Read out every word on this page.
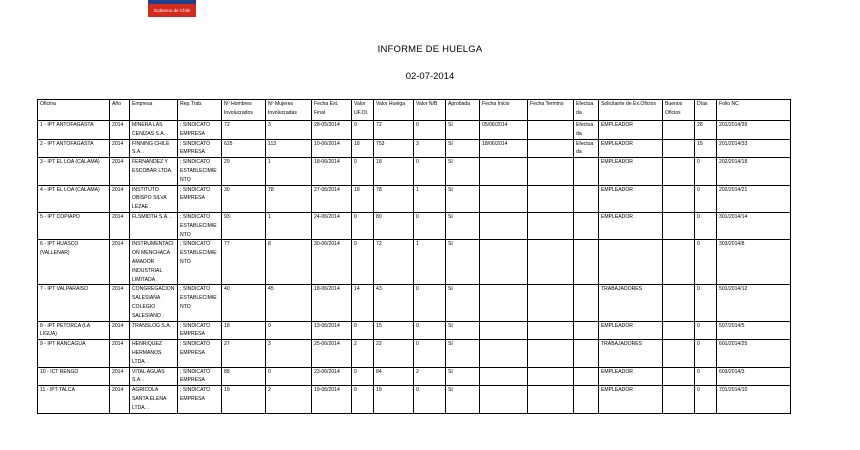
Gobierno de Chile
INFORME DE HUELGA
02-07-2014
Oficina	Año	Empresa	Rep.Trab.	Nº Hombres Involucrados	Nº Mujeres Involucradas	Fecha Ext. Final	Valor UF.Ol.	Valor Huelga	Valor N/B	Aprobada	Fecha Inicio	Fecha Termino	Efectuada	Solicitante de Ex.Oficios	Buenos Oficios	Días	Folio NC
1 - IPT ANTOFAGASTA	2014	MINERA LAS CENIZAS S.A. .	; SINDICATO EMPRESA	72	3	28-05/2014	0	72	0	SI	05/06/2014		Efectuada	EMPLEADOR		28	201/2014/39
2 - IPT ANTOFAGASTA	2014	FINNING CHILE S.A. .	; SINDICATO EMPRESA	625	113	10-06/2014	18	753	3	SI	18/06/2014		Efectuada	EMPLEADOR		15	201/2014/33
3 - IPT EL LOA (CALAMA)	2014	FERNANDEZ Y ESCOBAR LTDA. .	; SINDICATO ESTABLECIMIENTO	29	1	18-06/2014	0	18	0	SI				EMPLEADOR		0	202/2014/18
4 - IPT EL LOA (CALAMA)	2014	INSTITUTO OBISPO SILVA LEZAE .	; SINDICATO EMPRESA	30	78	27-06/2014	18	78	1	SI				EMPLEADOR		0	202/2014/21
5 - IPT COPIAPO	2014	FLSMIDTH S.A. .	; SINDICATO ESTABLECIMIENTO	93	1	24-06/2014	0	80	0	SI				EMPLEADOR		0	301/2014/14
6 - IPT HUASCO (VALLENAR)	2014	INSTRUMENTACION MENCHACA AMADOR INDUSTRIAL LIMITADA .	; SINDICATO ESTABLECIMIENTO	77	8	30-06/2014	0	72	1	SI						0	303/2014/8
7 - IPT VALPARAISO	2014	CONGREGACION SALESIANA COLEGIO SALESIANO .	; SINDICATO ESTABLECIMIENTO	40	45	18-06/2014	14	43	0	SI				TRABAJADORES		0	501/2014/12
8 - IPT PETORCA (LA LIGUA)	2014	TRANSLOG S.A. .	; SINDICATO EMPRESA	18	0	13-06/2014	0	15	0	SI				EMPLEADOR		0	507/2014/5
9 - IPT RANCAGUA	2014	HENRIQUEZ HERMANOS LTDA. .	; SINDICATO EMPRESA	27	3	25-06/2014	2	22	0	SI				TRABAJADORES		0	601/2014/25
10 - ICT RENGO	2014	VITAL AGUAS S.A. .	; SINDICATO EMPRESA	88	0	23-06/2014	0	84	2	SI				EMPLEADOR		0	603/2014/3
11 - IPT TALCA	2014	AGRICOLA SANTA ELENA LTDA. .	; SINDICATO EMPRESA	19	2	19-06/2014	0	19	0	SI				EMPLEADOR		0	701/2014/10
